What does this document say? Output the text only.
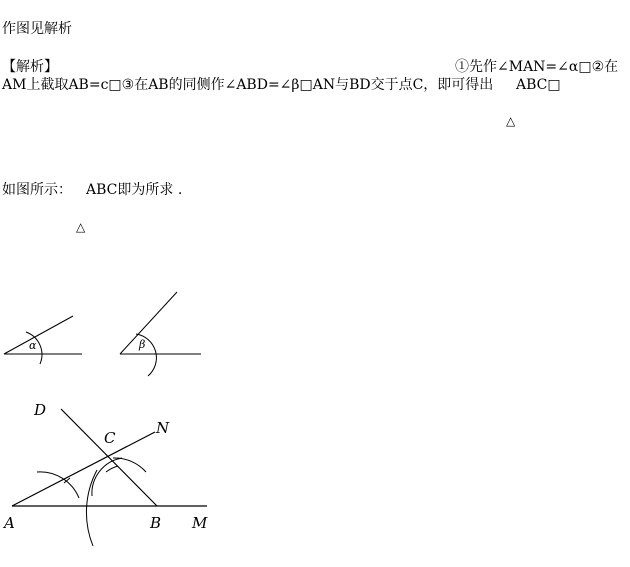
作图见解析
【解析】	①先作∠MAN=∠α□②在
AM上截取AB=c□③在AB的同侧作∠ABD=∠β□AN与BD交于点C，即可得出 ABC□
△
如图所示： ABC即为所求 .
△
α	β
D
C
N
A	B M
